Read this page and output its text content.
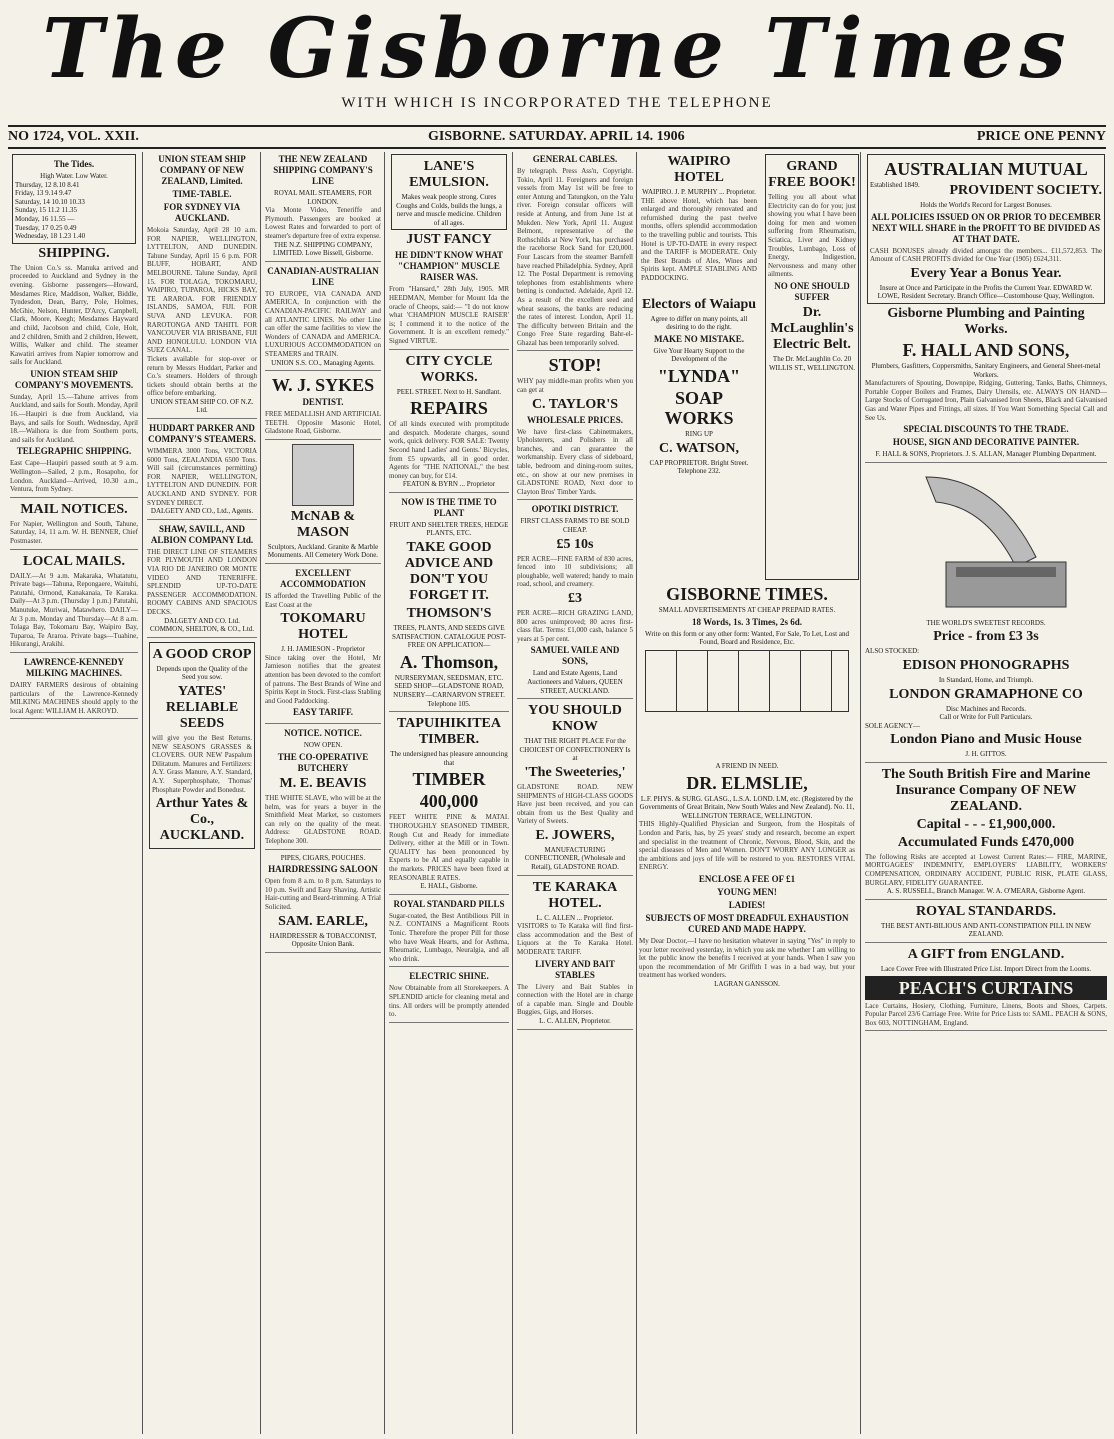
The Gisborne Times
WITH WHICH IS INCORPORATED THE TELEPHONE
NO 1724, VOL. XXII.	GISBORNE. SATURDAY. APRIL 14. 1906	PRICE ONE PENNY
The Tides.
High Water. Low Water.
Thursday, 12 8.10 8.41
Friday, 13 9.14 9.47
Saturday, 14 10.10 10.33
Sunday, 15 11.2 11.35
Monday, 16 11.55 —
Tuesday, 17 0.25 0.49
Wednesday, 18 1.23 1.40
SHIPPING.
The Union Co.'s ss. Manuka arrived and proceeded to Auckland and Sydney in the evening. Gisborne passengers—Howard, Mesdames Rice, Maddison, Walker, Biddle, Tyndesdon, Dean, Barry, Pole, Holmes, McGhie, Nelson, Hunter, D'Arcy, Campbell, Clark, Moore, Keegh; Mesdames Hayward and child, Jacobson and child, Cole, Holt, and 2 children, Smith and 2 children, Hewett, Willis, Walker and child. The steamer Kawatiri arrives from Napier tomorrow and sails for Auckland.
UNION STEAM SHIP COMPANY'S MOVEMENTS.
Sunday, April 15.—Tahune arrives from Auckland, and sails for South. Monday, April 16.—Haupiri is due from Auckland, via Bays, and sails for South. Wednesday, April 18.—Waihora is due from Southern ports, and sails for Auckland.
TELEGRAPHIC SHIPPING.
East Cape—Haupiri passed south at 9 a.m. Wellington—Sailed, 2 p.m., Rosapoho, for London. Auckland—Arrived, 10.30 a.m., Ventura, from Sydney.
MAIL NOTICES.
For Napier, Wellington and South, Tahune, Saturday, 14, 11 a.m. W. H. BENNER, Chief Postmaster.
LOCAL MAILS.
DAILY.—At 9 a.m. Makaraka, Whatatutu, Private bags—Tahuna, Repongaere, Waituhi, Patutahi, Ormond, Kanakanaia, Te Karaka. Daily—At 3 p.m. (Thursday 1 p.m.) Patutahi, Manutuke, Muriwai, Matawhero. DAILY—At 3 p.m. Monday and Thursday—At 8 a.m. Tolaga Bay, Tokomaru Bay, Waipiro Bay, Tuparoa, Te Araroa. Private bags—Tuahine, Hikurangi, Arakihi.
LAWRENCE-KENNEDY MILKING MACHINES.
DAIRY FARMERS desirous of obtaining particulars of the Lawrence-Kennedy MILKING MACHINES should apply to the local Agent: WILLIAM H. AKROYD.
UNION STEAM SHIP COMPANY OF NEW ZEALAND, Limited.
TIME-TABLE.
FOR SYDNEY VIA AUCKLAND.
Mokoia Saturday, April 28 10 a.m. FOR NAPIER, WELLINGTON, LYTTELTON, AND DUNEDIN. Tahune Sunday, April 15 6 p.m. FOR BLUFF, HOBART, AND MELBOURNE. Talune Sunday, April 15. FOR TOLAGA, TOKOMARU, WAIPIRO, TUPAROA, HICKS BAY, TE ARAROA. FOR FRIENDLY ISLANDS, SAMOA, FIJI. FOR SUVA AND LEVUKA. FOR RAROTONGA AND TAHITI. FOR VANCOUVER VIA BRISBANE, FIJI AND HONOLULU. LONDON VIA SUEZ CANAL.
Tickets available for stop-over or return by Messrs Huddart, Parker and Co.'s steamers. Holders of through tickets should obtain berths at the office before embarking.
UNION STEAM SHIP CO. OF N.Z. Ltd.
HUDDART PARKER AND COMPANY'S STEAMERS.
WIMMERA 3000 Tons, VICTORIA 6000 Tons, ZEALANDIA 6500 Tons. Will sail (circumstances permitting) FOR NAPIER, WELLINGTON, LYTTELTON AND DUNEDIN. FOR AUCKLAND AND SYDNEY. FOR SYDNEY DIRECT.
DALGETY AND CO., Ltd., Agents.
SHAW, SAVILL, AND ALBION COMPANY Ltd.
THE DIRECT LINE OF STEAMERS FOR PLYMOUTH AND LONDON VIA RIO DE JANEIRO OR MONTE VIDEO AND TENERIFFE. SPLENDID UP-TO-DATE PASSENGER ACCOMMODATION. ROOMY CABINS AND SPACIOUS DECKS.
DALGETY AND CO. Ltd. COMMON, SHELTON, & CO., Ltd.
A GOOD CROP
Depends upon the Quality of the Seed you sow.
YATES' RELIABLE SEEDS
will give you the Best Returns. NEW SEASON'S GRASSES & CLOVERS. OUR NEW Paspalum Dilitatum. Manures and Fertilizers: A.Y. Grass Manure, A.Y. Standard, A.Y. Superphosphate, Thomas' Phosphate Powder and Bonedust.
Arthur Yates & Co., AUCKLAND.
THE NEW ZEALAND SHIPPING COMPANY'S LINE
ROYAL MAIL STEAMERS, FOR LONDON.
Via Monte Video, Teneriffe and Plymouth. Passengers are booked at Lowest Rates and forwarded to port of steamer's departure free of extra expense.
THE N.Z. SHIPPING COMPANY, LIMITED. Lowe Bissell, Gisborne.
CANADIAN-AUSTRALIAN LINE
TO EUROPE, VIA CANADA AND AMERICA, In conjunction with the CANADIAN-PACIFIC RAILWAY and all ATLANTIC LINES. No other Line can offer the same facilities to view the Wonders of CANADA and AMERICA. LUXURIOUS ACCOMMODATION on STEAMERS and TRAIN.
UNION S.S. CO., Managing Agents.
W. J. SYKES
DENTIST.
FREE MEDALLISH AND ARTIFICIAL TEETH. Opposite Masonic Hotel, Gladstone Road, Gisborne.
McNAB & MASON
Sculptors, Auckland. Granite & Marble Monuments. All Cemetery Work Done.
EXCELLENT ACCOMMODATION
IS afforded the Travelling Public of the East Coast at the
TOKOMARU HOTEL
J. H. JAMIESON - Proprietor
Since taking over the Hotel, Mr Jamieson notifies that the greatest attention has been devoted to the comfort of patrons. The Best Brands of Wine and Spirits Kept in Stock. First-class Stabling and Good Paddocking.
EASY TARIFF.
NOTICE. NOTICE.
NOW OPEN.
THE CO-OPERATIVE BUTCHERY
M. E. BEAVIS
THE WHITE SLAVE, who will be at the helm, was for years a buyer in the Smithfield Meat Market, so customers can rely on the quality of the meat. Address: GLADSTONE ROAD. Telephone 300.
PIPES, CIGARS, POUCHES.
HAIRDRESSING SALOON
Open from 8 a.m. to 8 p.m. Saturdays to 10 p.m. Swift and Easy Shaving. Artistic Hair-cutting and Beard-trimming. A Trial Solicited.
SAM. EARLE,
HAIRDRESSER & TOBACCONIST, Opposite Union Bank.
LANE'S EMULSION.
Makes weak people strong. Cures Coughs and Colds, builds the lungs, a nerve and muscle medicine. Children of all ages.
JUST FANCY
HE DIDN'T KNOW WHAT "CHAMPION" MUSCLE RAISER WAS.
From "Hansard," 28th July, 1905. MR HEEDMAN, Member for Mount Ida the oracle of Cheops, said:— "I do not know what 'CHAMPION MUSCLE RAISER' is; I commend it to the notice of the Government. It is an excellent remedy." Signed VIRTUE.
CITY CYCLE WORKS.
PEEL STREET. Next to H. Sandlant.
REPAIRS
Of all kinds executed with promptitude and despatch. Moderate charges, sound work, quick delivery. FOR SALE: Twenty Second hand Ladies' and Gents.' Bicycles, from £5 upwards, all in good order. Agents for "THE NATIONAL," the best money can buy, for £14.
FEATON & BYRN ... Proprietor
NOW IS THE TIME TO PLANT
FRUIT AND SHELTER TREES, HEDGE PLANTS, ETC.
TAKE GOOD ADVICE AND DON'T YOU FORGET IT.
THOMSON'S
TREES, PLANTS, AND SEEDS GIVE SATISFACTION. CATALOGUE POST-FREE ON APPLICATION—
A. Thomson,
NURSERYMAN, SEEDSMAN, ETC. SEED SHOP—GLADSTONE ROAD, NURSERY—CARNARVON STREET. Telephone 105.
TAPUIHIKITEA TIMBER.
The undersigned has pleasure announcing that
TIMBER
400,000
FEET WHITE PINE & MATAI. THOROUGHLY SEASONED TIMBER, Rough Cut and Ready for immediate Delivery, either at the Mill or in Town. QUALITY has been pronounced by Experts to be AI and equally capable in the markets. PRICES have been fixed at REASONABLE RATES.
E. HALL, Gisborne.
ROYAL STANDARD PILLS
Sugar-coated, the Best Antibilious Pill in N.Z. CONTAINS a Magnificent Roots Tonic. Therefore the proper Pill for those who have Weak Hearts, and for Asthma, Rheumatic, Lumbago, Neuralgia, and all who drink.
ELECTRIC SHINE.
Now Obtainable from all Storekeepers. A SPLENDID article for cleaning metal and tins. All orders will be promptly attended to.
GENERAL CABLES.
By telegraph. Press Ass'n, Copyright. Tokio, April 11. Foreigners and foreign vessels from May 1st will be free to enter Antung and Tatungkon, on the Yalu river. Foreign consular officers will reside at Antung, and from June 1st at Mukden. New York, April 11. August Belmont, representative of the Rothschilds at New York, has purchased the racehorse Rock Sand for £20,000. Four Lascars from the steamer Barnfell have reached Philadelphia. Sydney, April 12. The Postal Department is removing telephones from establishments where betting is conducted. Adelaide, April 12. As a result of the excellent seed and wheat seasons, the banks are reducing the rates of interest. London, April 11. The difficulty between Britain and the Congo Free State regarding Bahr-el-Ghazal has been temporarily solved.
STOP!
WHY pay middle-man profits when you can get at
C. TAYLOR'S
WHOLESALE PRICES.
We have first-class Cabinetmakers, Upholsterers, and Polishers in all branches, and can guarantee the workmanship. Every class of sideboard, table, bedroom and dining-room suites, etc., on show at our new premises in GLADSTONE ROAD, Next door to Clayton Bros' Timber Yards.
OPOTIKI DISTRICT.
FIRST CLASS FARMS TO BE SOLD CHEAP.
£5 10s
PER ACRE—FINE FARM of 830 acres, fenced into 10 subdivisions; all ploughable, well watered; handy to main road, school, and creamery.
£3
PER ACRE—RICH GRAZING LAND, 800 acres unimproved; 80 acres first-class flat. Terms: £1,000 cash, balance 5 years at 5 per cent.
SAMUEL VAILE AND SONS,
Land and Estate Agents, Land Auctioneers and Valuers, QUEEN STREET, AUCKLAND.
YOU SHOULD KNOW
THAT THE RIGHT PLACE For the CHOICEST OF CONFECTIONERY Is at
'The Sweeteries,'
GLADSTONE ROAD. NEW SHIPMENTS of HIGH-CLASS GOODS Have just been received, and you can obtain from us the Best Quality and Variety of Sweets.
E. JOWERS,
MANUFACTURING CONFECTIONER, (Wholesale and Retail), GLADSTONE ROAD.
TE KARAKA HOTEL.
L. C. ALLEN ... Proprietor.
VISITORS to Te Karaka will find first-class accommodation and the Best of Liquors at the Te Karaka Hotel. MODERATE TARIFF.
LIVERY AND BAIT STABLES
The Livery and Bait Stables in connection with the Hotel are in charge of a capable man. Single and Double Buggies, Gigs, and Horses.
L. C. ALLEN, Proprietor.
WAIPIRO HOTEL
WAIPIRO. J. P. MURPHY ... Proprietor.
THE above Hotel, which has been enlarged and thoroughly renovated and refurnished during the past twelve months, offers splendid accommodation to the travelling public and tourists. This Hotel is UP-TO-DATE in every respect and the TARIFF is MODERATE. Only the Best Brands of Ales, Wines and Spirits kept. AMPLE STABLING AND PADDOCKING.
Electors of Waiapu
Agree to differ on many points, all desiring to do the right.
MAKE NO MISTAKE.
Give Your Hearty Support to the Development of the
"LYNDA"
SOAP WORKS
RING UP
C. WATSON,
CAP PROPRIETOR. Bright Street. Telephone 232.
GRAND FREE BOOK!
Telling you all about what Electricity can do for you; just showing you what I have been doing for men and women suffering from Rheumatism, Sciatica, Liver and Kidney Troubles, Lumbago, Loss of Energy, Indigestion, Nervousness and many other ailments.
NO ONE SHOULD SUFFER
Dr. McLaughlin's Electric Belt.
The Dr. McLaughlin Co. 20 WILLIS ST., WELLINGTON.
GISBORNE TIMES.
SMALL ADVERTISEMENTS AT CHEAP PREPAID RATES.
18 Words, 1s. 3 Times, 2s 6d.
Write on this form or any other form: Wanted, For Sale, To Let, Lost and Found, Board and Residence, Etc.
A FRIEND IN NEED.
DR. ELMSLIE,
L.F. PHYS. & SURG. GLASG., L.S.A. LOND. LM, etc. (Registered by the Governments of Great Britain, New South Wales and New Zealand). No. 11, WELLINGTON TERRACE, WELLINGTON.
THIS Highly-Qualified Physician and Surgeon, from the Hospitals of London and Paris, has, by 25 years' study and research, become an expert and specialist in the treatment of Chronic, Nervous, Blood, Skin, and the special diseases of Men and Women. DON'T WORRY ANY LONGER as the ambitions and joys of life will be restored to you. RESTORES VITAL ENERGY.
ENCLOSE A FEE OF £1
YOUNG MEN!
LADIES!
SUBJECTS OF MOST DREADFUL EXHAUSTION CURED AND MADE HAPPY.
My Dear Doctor,—I have no hesitation whatever in saying "Yes" in reply to your letter received yesterday, in which you ask me whether I am willing to let the public know the benefits I received at your hands. When I saw you upon the recommendation of Mr Griffith I was in a bad way, but your treatment has worked wonders.
LAGRAN GANSSON.
AUSTRALIAN MUTUAL
Established 1849. PROVIDENT SOCIETY.
Holds the World's Record for Largest Bonuses.
ALL POLICIES ISSUED ON OR PRIOR TO DECEMBER NEXT WILL SHARE in the PROFIT TO BE DIVIDED AS AT THAT DATE.
CASH BONUSES already divided amongst the members... £11,572,853. The Amount of CASH PROFITS divided for One Year (1905) £624,311.
Every Year a Bonus Year.
Insure at Once and Participate in the Profits the Current Year. EDWARD W. LOWE, Resident Secretary. Branch Office—Customhouse Quay, Wellington.
Gisborne Plumbing and Painting Works.
F. HALL AND SONS,
Plumbers, Gasfitters, Coppersmiths, Sanitary Engineers, and General Sheet-metal Workers.
Manufacturers of Spouting, Downpipe, Ridging, Guttering, Tanks, Baths, Chimneys, Portable Copper Boilers and Frames, Dairy Utensils, etc. ALWAYS ON HAND—Large Stocks of Corrugated Iron, Plain Galvanised Iron Sheets, Black and Galvanised Gas and Water Pipes and Fittings, all sizes. If You Want Something Special Call and See Us.
SPECIAL DISCOUNTS TO THE TRADE.
HOUSE, SIGN AND DECORATIVE PAINTER.
F. HALL & SONS, Proprietors. J. S. ALLAN, Manager Plumbing Department.
THE WORLD'S SWEETEST RECORDS.
Price - from £3 3s
ALSO STOCKED:
EDISON PHONOGRAPHS
In Standard, Home, and Triumph.
LONDON GRAMAPHONE CO
Disc Machines and Records.
Call or Write for Full Particulars.
SOLE AGENCY—
London Piano and Music House
J. H. GITTOS.
The South British Fire and Marine Insurance Company OF NEW ZEALAND.
Capital - - - £1,900,000.
Accumulated Funds £470,000
The following Risks are accepted at Lowest Current Rates:— FIRE, MARINE, MORTGAGEES' INDEMNITY, EMPLOYERS' LIABILITY, WORKERS' COMPENSATION, ORDINARY ACCIDENT, PUBLIC RISK, PLATE GLASS, BURGLARY, FIDELITY GUARANTEE.
A. S. RUSSELL, Branch Manager. W. A. O'MEARA, Gisborne Agent.
ROYAL STANDARDS.
THE BEST ANTI-BILIOUS AND ANTI-CONSTIPATION PILL IN NEW ZEALAND.
A GIFT from ENGLAND.
Lace Cover Free with Illustrated Price List. Import Direct from the Looms.
PEACH'S CURTAINS
Lace Curtains, Hosiery, Clothing, Furniture, Linens, Boots and Shoes, Carpets. Popular Parcel 23/6 Carriage Free. Write for Price Lists to: SAML. PEACH & SONS, Box 603, NOTTINGHAM, England.
